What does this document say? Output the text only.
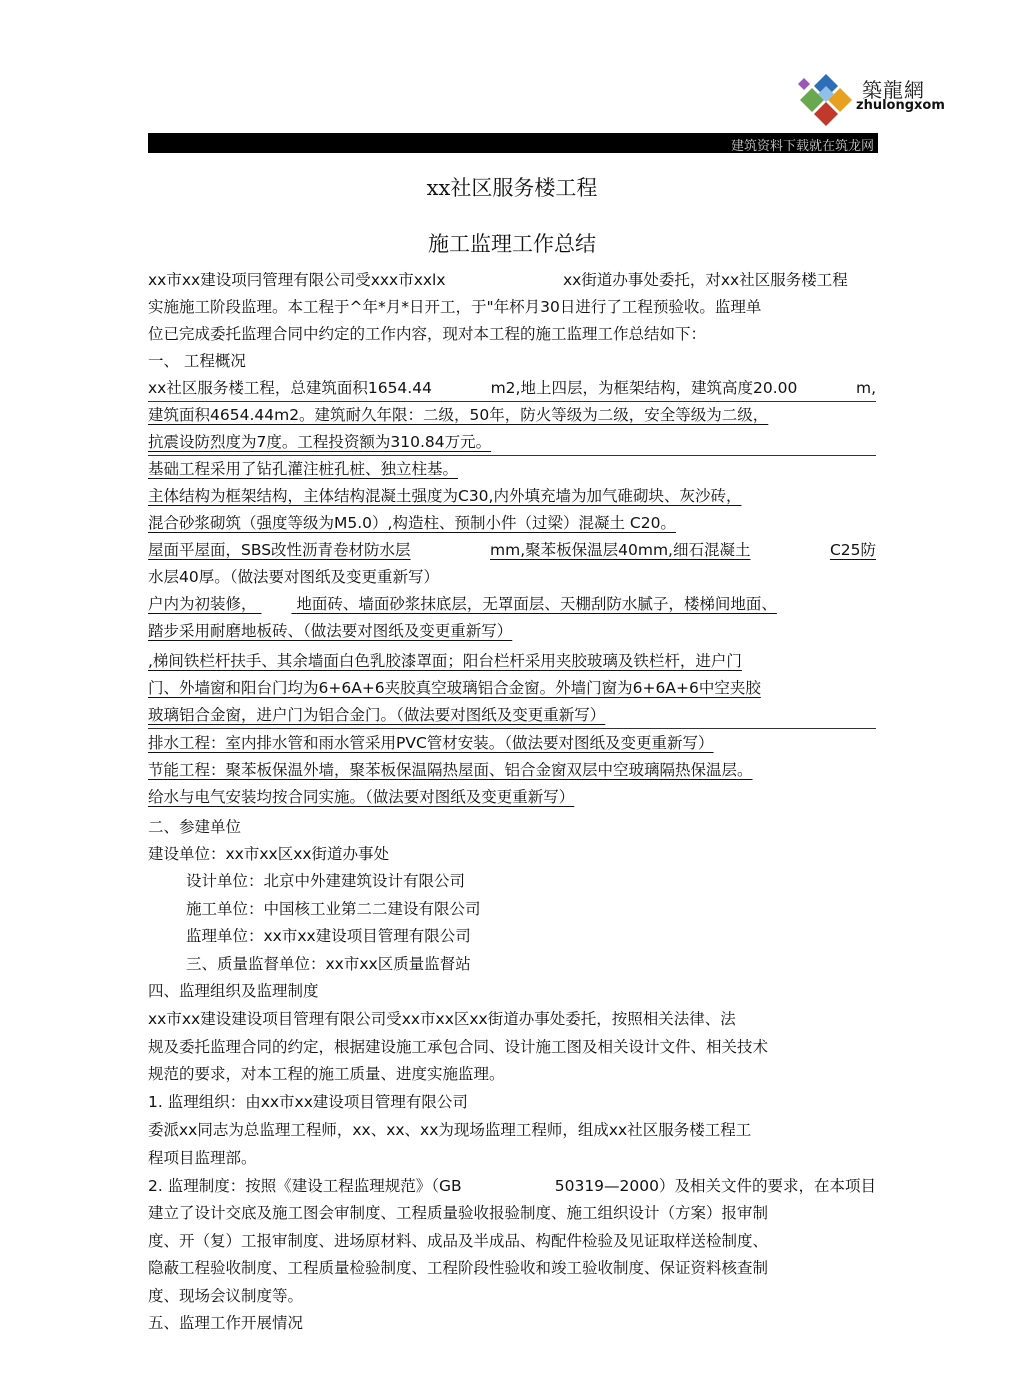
築龍網
zhulongxom
建筑资料下载就在筑龙网
xx社区服务楼工程
施工监理工作总结
xx市xx建设项冃管理有限公司受xxx市xxlx	xx街道办事处委托，对xx社区服务楼工程
实施施工阶段监理。本工程于^年*月*日开工，于"年杯月30日进行了工程预验收。监理单
位已完成委托监理合同中约定的工作内容，现对本工程的施工监理工作总结如下：
一、 工程概况
xx社区服务楼工程，总建筑面积1654.44	m2,地上四层，为框架结构，建筑高度20.00	m,
建筑面积4654.44m2。建筑耐久年限：二级，50年，防火等级为二级，安全等级为二级，
抗震设防烈度为7度。工程投资额为310.84万元。
基础工程采用了钻孔灌注桩孔桩、独立柱基。
主体结构为框架结构，主体结构混凝土强度为C30,内外填充墙为加气碓砌块、灰沙砖，
混合砂浆砌筑（强度等级为M5.0）,构造柱、预制小件（过梁）混凝土 C20。
屋面平屋面，SBS改性沥青卷材防水层	mm,聚苯板保温层40mm,细石混凝土	C25防
水层40厚。（做法要对图纸及变更重新写）
户内为初装修，	地面砖、墙面砂浆抹底层，无罩面层、天棚刮防水腻子，楼梯间地面、
踏步采用耐磨地板砖、（做法要对图纸及变更重新写）
,梯间铁栏杆扶手、其余墙面白色乳胶漆罩面；阳台栏杆采用夹胶玻璃及铁栏杆，进户门
门、外墙窗和阳台门均为6+6A+6夹胶真空玻璃铝合金窗。外墙门窗为6+6A+6中空夹胶
玻璃铝合金窗，进户门为铝合金门。（做法要对图纸及变更重新写）
排水工程：室内排水管和雨水管采用PVC管材安装。（做法要对图纸及变更重新写）
节能工程：聚苯板保温外墙，聚苯板保温隔热屋面、铝合金窗双层中空玻璃隔热保温层。
给水与电气安装均按合同实施。（做法要对图纸及变更重新写）
二、参建单位
建设单位：xx市xx区xx街道办事处
设计单位：北京中外建建筑设计有限公司
施工单位：中国核工业第二二建设有限公司
监理单位：xx市xx建设项目管理有限公司
三、质量监督单位：xx市xx区质量监督站
四、监理组织及监理制度
xx市xx建设建设项目管理有限公司受xx市xx区xx街道办事处委托，按照相关法律、法
规及委托监理合同的约定，根据建设施工承包合同、设计施工图及相关设计文件、相关技术
规范的要求，对本工程的施工质量、进度实施监理。
1. 监理组织：由xx市xx建设项目管理有限公司
委派xx同志为总监理工程师，xx、xx、xx为现场监理工程师，组成xx社区服务楼工程工
程项目监理部。
2. 监理制度：按照《建设工程监理规范》（GB	50319—2000）及相关文件的要求，在本项目
建立了设计交底及施工图会审制度、工程质量验收报验制度、施工组织设计（方案）报审制
度、开（复）工报审制度、进场原材料、成品及半成品、构配件检验及见证取样送检制度、
隐蔽工程验收制度、工程质量检验制度、工程阶段性验收和竣工验收制度、保证资料核查制
度、现场会议制度等。
五、监理工作开展情况
